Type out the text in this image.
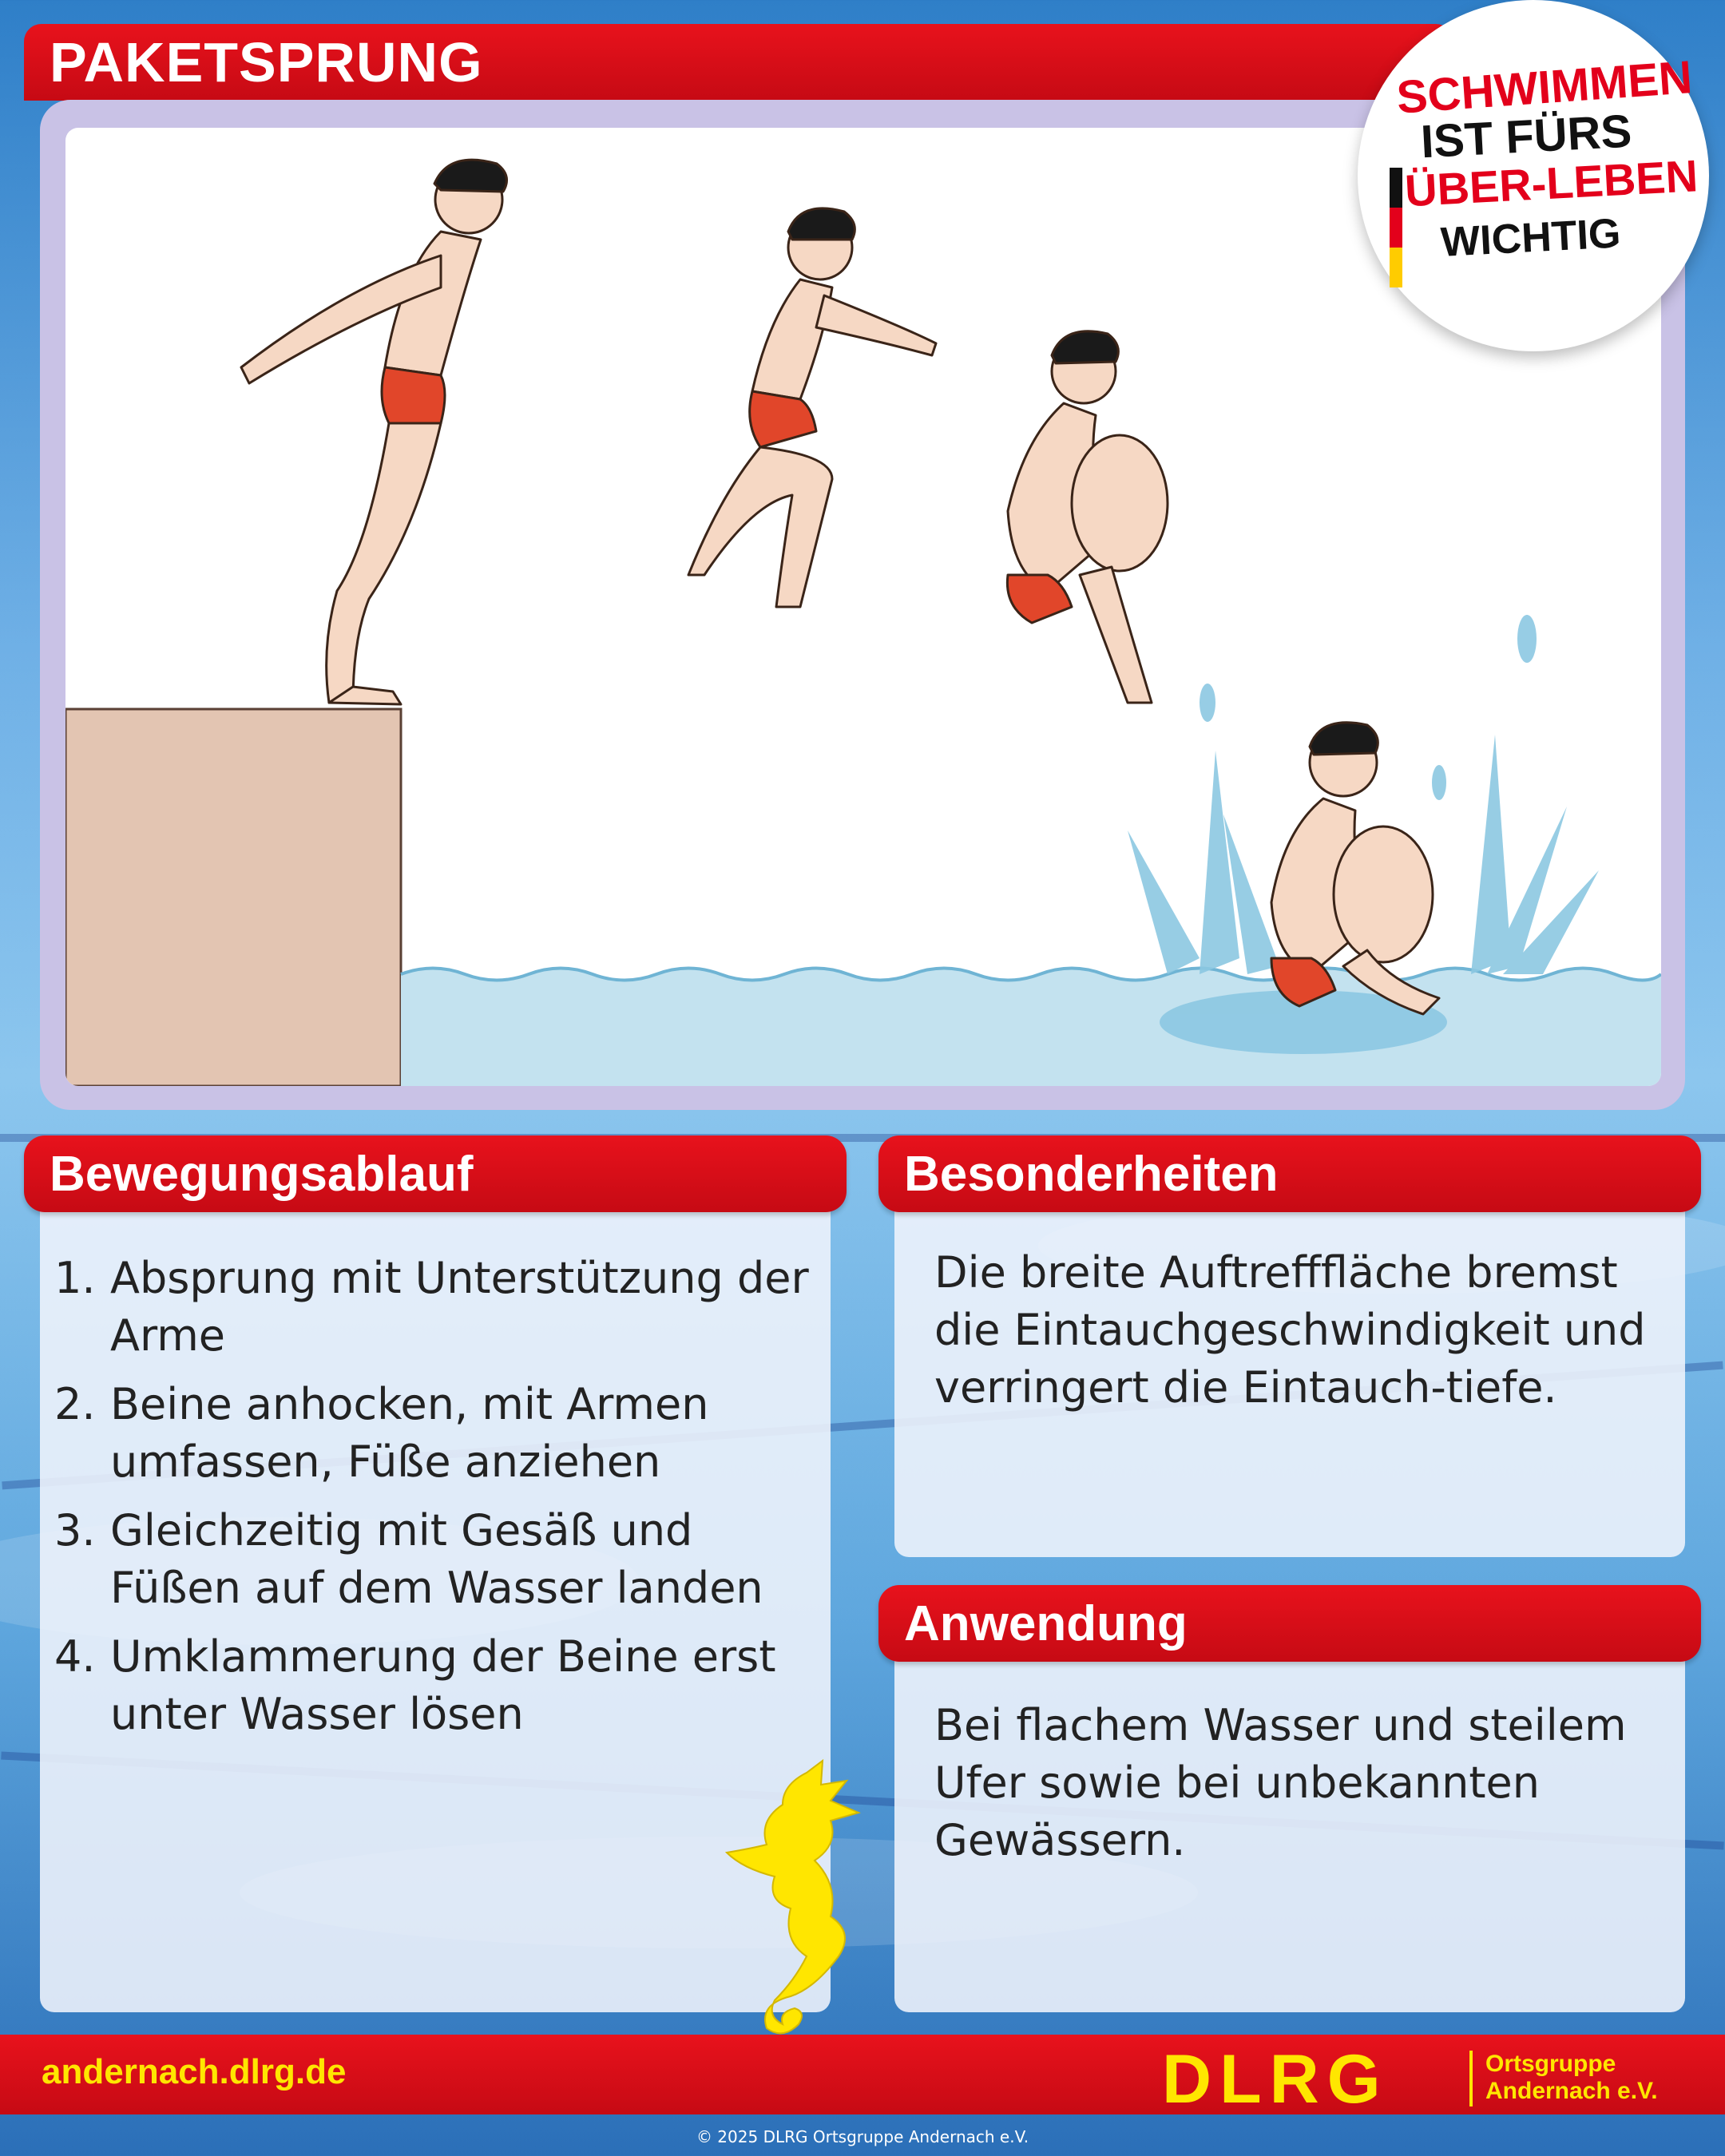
PAKETSPRUNG	SCHWIMMEN
IST FÜRS
ÜBER-LEBEN
WICHTIG
Bewegungsablauf
1. Absprung mit Unterstützung der Arme
2. Beine anhocken, mit Armen umfassen, Füße anziehen
3. Gleichzeitig mit Gesäß und Füßen auf dem Wasser landen
4. Umklammerung der Beine erst unter Wasser lösen
Besonderheiten
Die breite Auftrefffläche bremst die Eintauchgeschwindigkeit und verringert die Eintauch-tiefe.
Anwendung
Bei flachem Wasser und steilem Ufer sowie bei unbekannten Gewässern.
andernach.dlrg.de	DLRG	Ortsgruppe
Andernach e.V.
© 2025 DLRG Ortsgruppe Andernach e.V.
